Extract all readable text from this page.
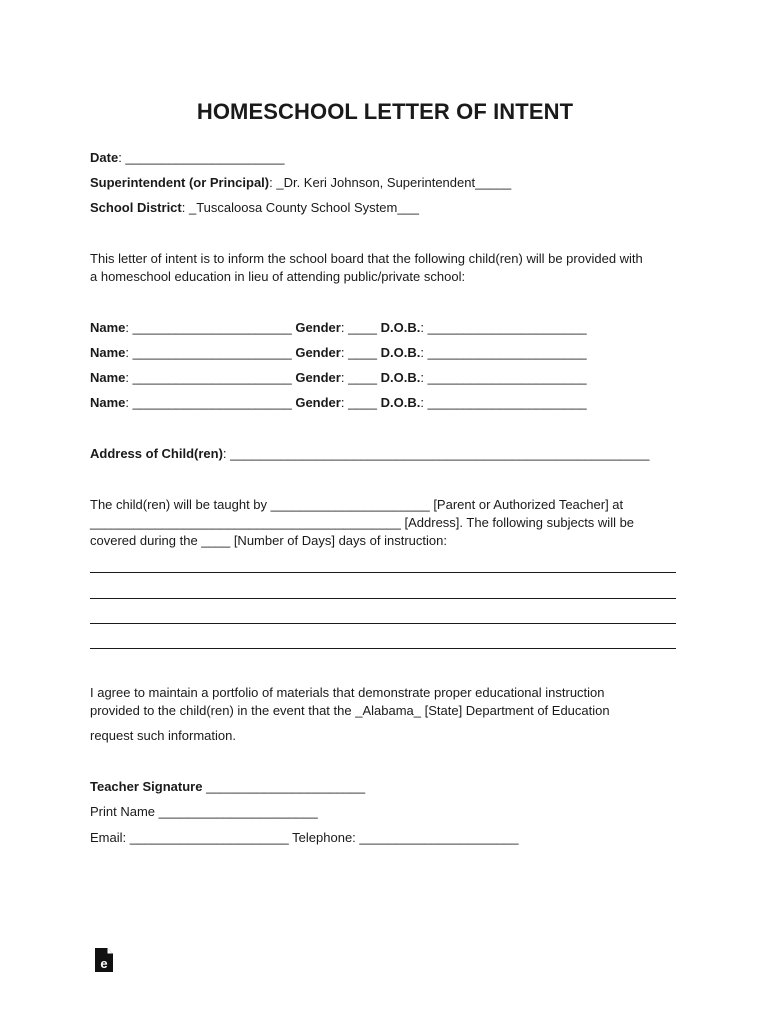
HOMESCHOOL LETTER OF INTENT
Date: ______________________
Superintendent (or Principal): _Dr. Keri Johnson, Superintendent_____
School District: _Tuscaloosa County School System___
This letter of intent is to inform the school board that the following child(ren) will be provided with
a homeschool education in lieu of attending public/private school:
Name: ______________________ Gender: ____ D.O.B.: ______________________
Name: ______________________ Gender: ____ D.O.B.: ______________________
Name: ______________________ Gender: ____ D.O.B.: ______________________
Name: ______________________ Gender: ____ D.O.B.: ______________________
Address of Child(ren): __________________________________________________________
The child(ren) will be taught by ______________________ [Parent or Authorized Teacher] at
___________________________________________ [Address]. The following subjects will be
covered during the ____ [Number of Days] days of instruction:
I agree to maintain a portfolio of materials that demonstrate proper educational instruction
provided to the child(ren) in the event that the _Alabama_ [State] Department of Education
request such information.
Teacher Signature ______________________
Print Name ______________________
Email: ______________________ Telephone: ______________________
e
